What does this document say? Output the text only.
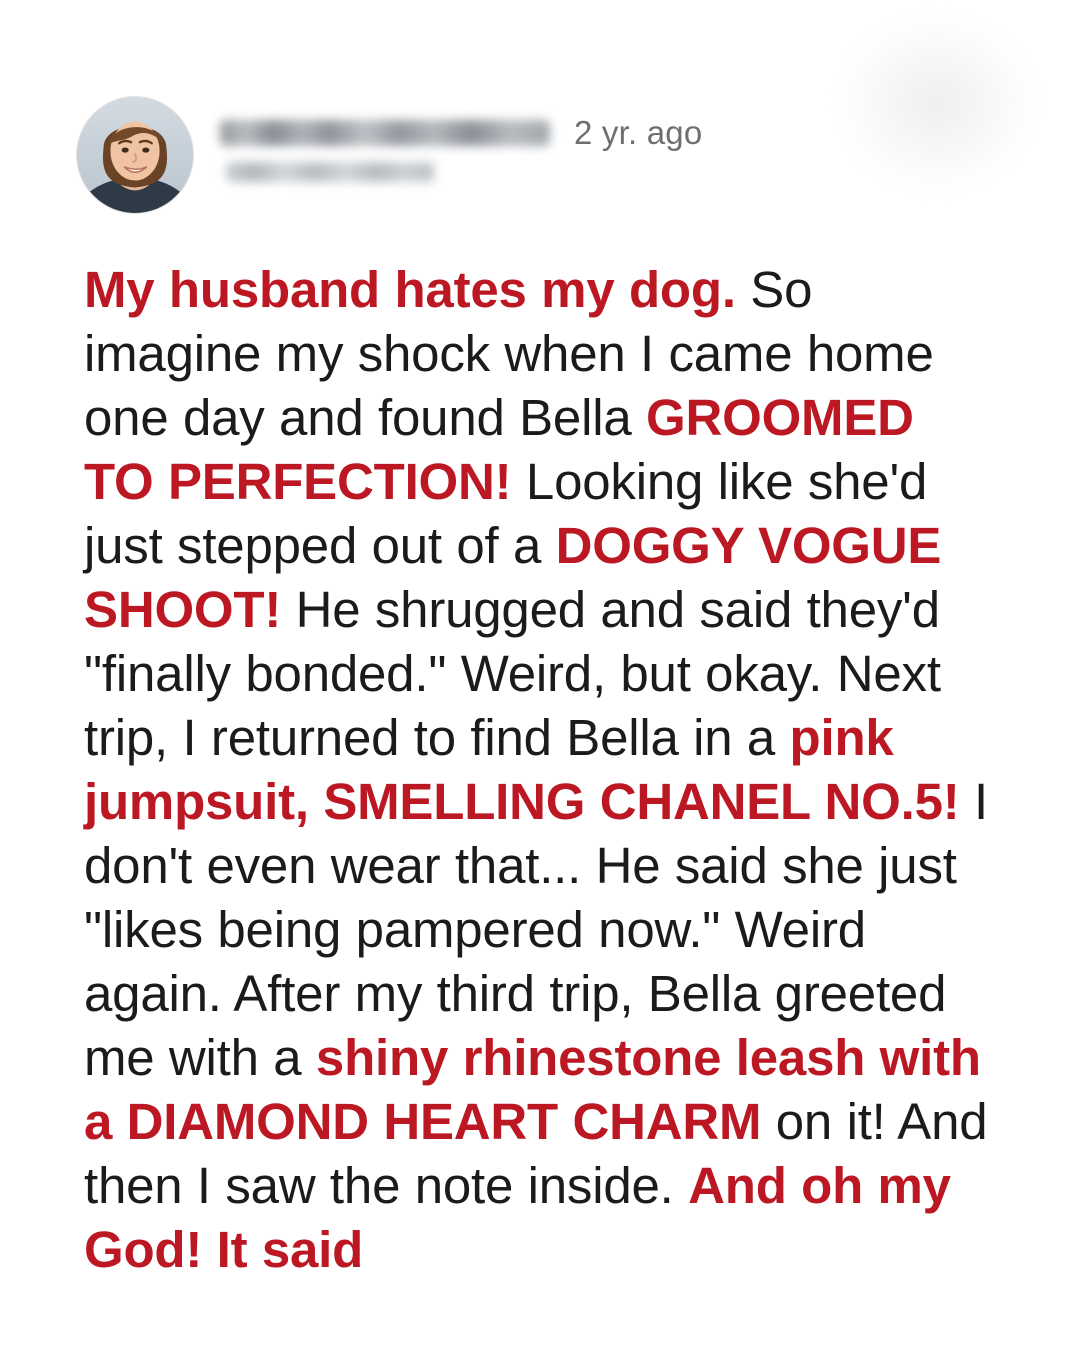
2 yr. ago
My husband hates my dog. So imagine my shock when I came home one day and found Bella GROOMED TO PERFECTION! Looking like she'd just stepped out of a DOGGY VOGUE SHOOT! He shrugged and said they'd "finally bonded." Weird, but okay. Next trip, I returned to find Bella in a pink jumpsuit, SMELLING CHANEL NO.5! I don't even wear that... He said she just "likes being pampered now." Weird again. After my third trip, Bella greeted me with a shiny rhinestone leash with a DIAMOND HEART CHARM on it! And then I saw the note inside. And oh my God! It said
